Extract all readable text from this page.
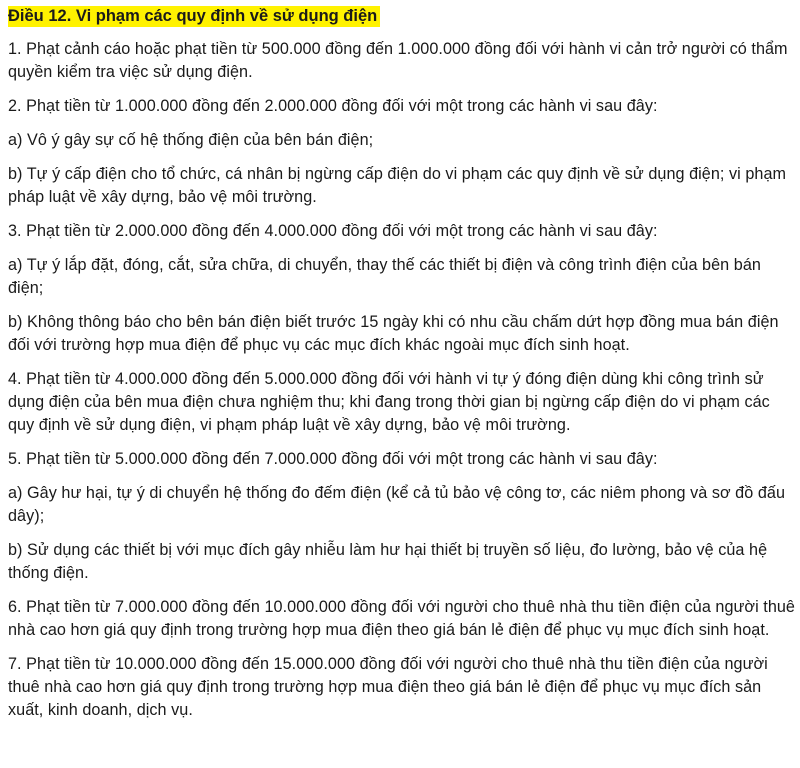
Điều 12. Vi phạm các quy định về sử dụng điện

1. Phạt cảnh cáo hoặc phạt tiền từ 500.000 đồng đến 1.000.000 đồng đối với hành vi cản trở người có thẩm quyền kiểm tra việc sử dụng điện.

2. Phạt tiền từ 1.000.000 đồng đến 2.000.000 đồng đối với một trong các hành vi sau đây:

a) Vô ý gây sự cố hệ thống điện của bên bán điện;

b) Tự ý cấp điện cho tổ chức, cá nhân bị ngừng cấp điện do vi phạm các quy định về sử dụng điện; vi phạm pháp luật về xây dựng, bảo vệ môi trường.

3. Phạt tiền từ 2.000.000 đồng đến 4.000.000 đồng đối với một trong các hành vi sau đây:

a) Tự ý lắp đặt, đóng, cắt, sửa chữa, di chuyển, thay thế các thiết bị điện và công trình điện của bên bán điện;

b) Không thông báo cho bên bán điện biết trước 15 ngày khi có nhu cầu chấm dứt hợp đồng mua bán điện đối với trường hợp mua điện để phục vụ các mục đích khác ngoài mục đích sinh hoạt.

4. Phạt tiền từ 4.000.000 đồng đến 5.000.000 đồng đối với hành vi tự ý đóng điện dùng khi công trình sử dụng điện của bên mua điện chưa nghiệm thu; khi đang trong thời gian bị ngừng cấp điện do vi phạm các quy định về sử dụng điện, vi phạm pháp luật về xây dựng, bảo vệ môi trường.

5. Phạt tiền từ 5.000.000 đồng đến 7.000.000 đồng đối với một trong các hành vi sau đây:

a) Gây hư hại, tự ý di chuyển hệ thống đo đếm điện (kể cả tủ bảo vệ công tơ, các niêm phong và sơ đồ đấu dây);

b) Sử dụng các thiết bị với mục đích gây nhiễu làm hư hại thiết bị truyền số liệu, đo lường, bảo vệ của hệ thống điện.

6. Phạt tiền từ 7.000.000 đồng đến 10.000.000 đồng đối với người cho thuê nhà thu tiền điện của người thuê nhà cao hơn giá quy định trong trường hợp mua điện theo giá bán lẻ điện để phục vụ mục đích sinh hoạt.

7. Phạt tiền từ 10.000.000 đồng đến 15.000.000 đồng đối với người cho thuê nhà thu tiền điện của người thuê nhà cao hơn giá quy định trong trường hợp mua điện theo giá bán lẻ điện để phục vụ mục đích sản xuất, kinh doanh, dịch vụ.
